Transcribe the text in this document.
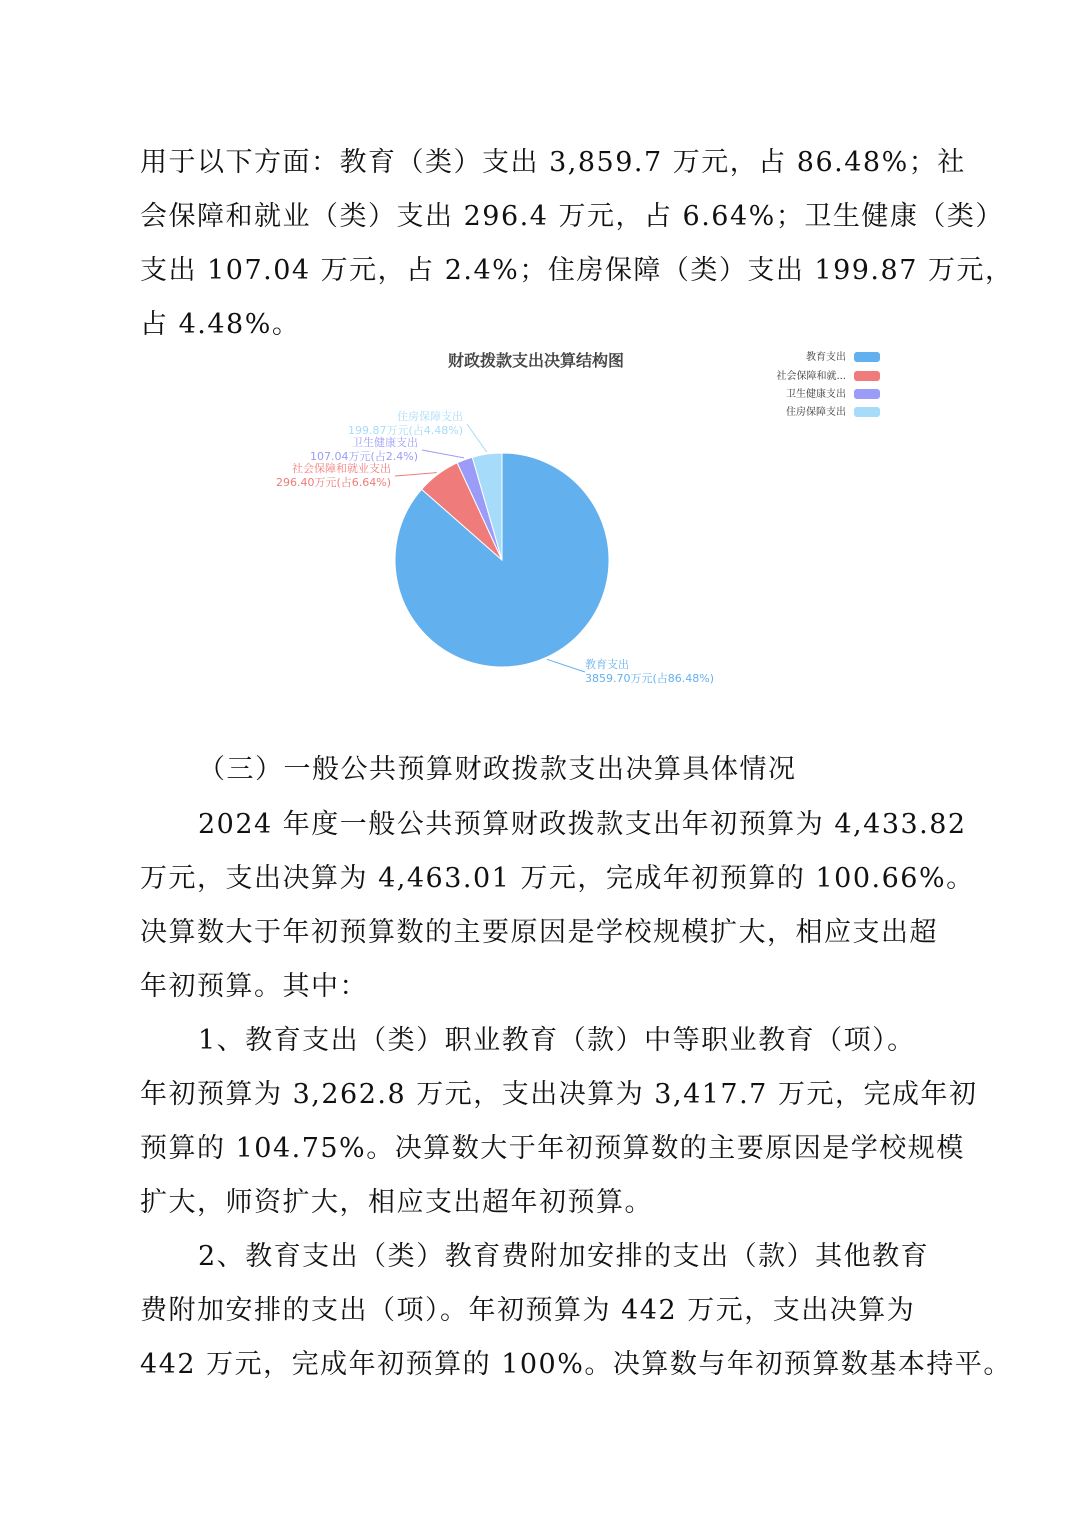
用于以下方面：教育（类）支出 3,859.7 万元，占 86.48%；社
会保障和就业（类）支出 296.4 万元，占 6.64%；卫生健康（类）
支出 107.04 万元，占 2.4%；住房保障（类）支出 199.87 万元，
占 4.48%。
财政拨款支出决算结构图	教育支出
社会保障和就...
卫生健康支出
住房保障支出
教育支出
3859.70万元(占86.48%)
社会保障和就业支出
296.40万元(占6.64%)
卫生健康支出
107.04万元(占2.4%)
住房保障支出
199.87万元(占4.48%)
（三）一般公共预算财政拨款支出决算具体情况
2024 年度一般公共预算财政拨款支出年初预算为 4,433.82
万元，支出决算为 4,463.01 万元，完成年初预算的 100.66%。
决算数大于年初预算数的主要原因是学校规模扩大，相应支出超
年初预算。其中：
1、教育支出（类）职业教育（款）中等职业教育（项）。
年初预算为 3,262.8 万元，支出决算为 3,417.7 万元，完成年初
预算的 104.75%。决算数大于年初预算数的主要原因是学校规模
扩大，师资扩大，相应支出超年初预算。
2、教育支出（类）教育费附加安排的支出（款）其他教育
费附加安排的支出（项）。年初预算为 442 万元，支出决算为
442 万元，完成年初预算的 100%。决算数与年初预算数基本持平。
